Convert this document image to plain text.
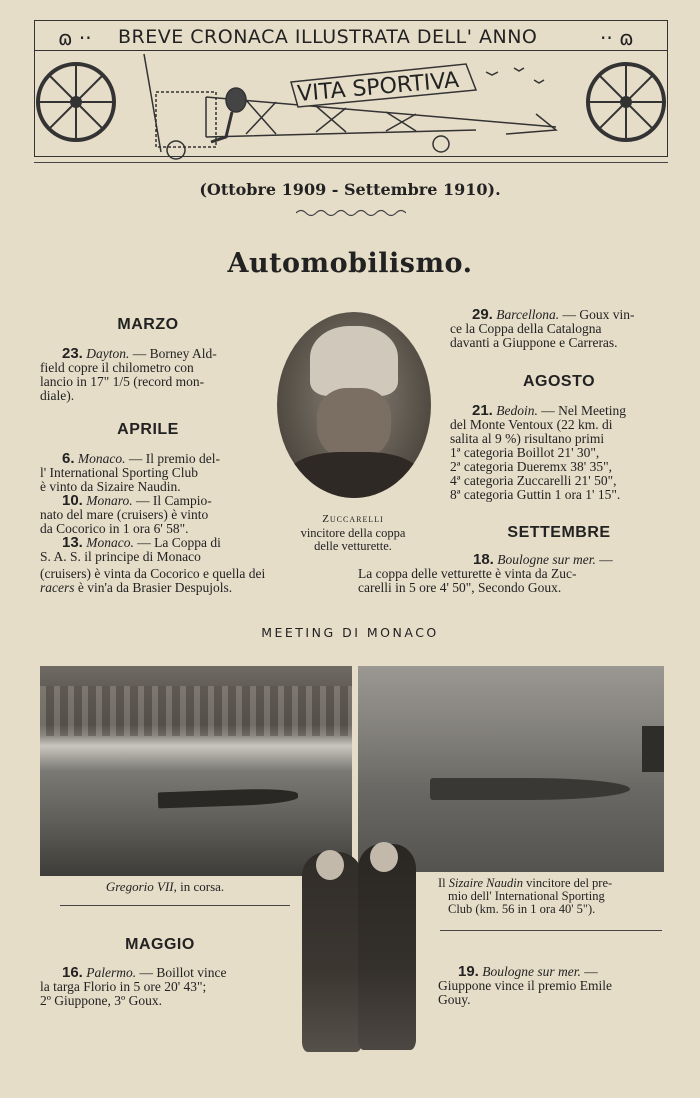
ɷ ·· BREVE CRONACA ILLUSTRATA DELL' ANNO	·· ɷ
VITA SPORTIVA
(Ottobre 1909 - Settembre 1910).
Automobilismo.
MARZO
23. Dayton. — Borney Ald-
field copre il chilometro con
lancio in 17" 1/5 (record mon-
diale).
APRILE
6. Monaco. — Il premio del-
l' International Sporting Club
è vinto da Sizaire Naudin.
10. Monaro. — Il Campio-
nato del mare (cruisers) è vinto
da Cocorico in 1 ora 6' 58".
13. Monaco. — La Coppa di
S. A. S. il principe di Monaco
(cruisers) è vinta da Cocorico e quella dei
racers è vin'a da Brasier Despujols.
Zuccarelli
vincitore della coppa
delle vetturette.
29. Barcellona. — Goux vin-
ce la Coppa della Catalogna
davanti a Giuppone e Carreras.
AGOSTO
21. Bedoin. — Nel Meeting
del Monte Ventoux (22 km. di
salita al 9 %) risultano primi
1ª categoria Boillot 21' 30",
2ª categoria Dueremx 38' 35",
4ª categoria Zuccarelli 21' 50",
8ª categoria Guttin 1 ora 1' 15".
SETTEMBRE
18. Boulogne sur mer. —
La coppa delle vetturette è vinta da Zuc-
carelli in 5 ore 4' 50", Secondo Goux.
MEETING DI MONACO
Gregorio VII, in corsa.	Il Sizaire Naudin vincitore del pre-
mio dell' International Sporting
Club (km. 56 in 1 ora 40' 5").
MAGGIO
16. Palermo. — Boillot vince
la targa Florio in 5 ore 20' 43";
2º Giuppone, 3º Goux.
19. Boulogne sur mer. —
Giuppone vince il premio Emile
Gouy.
